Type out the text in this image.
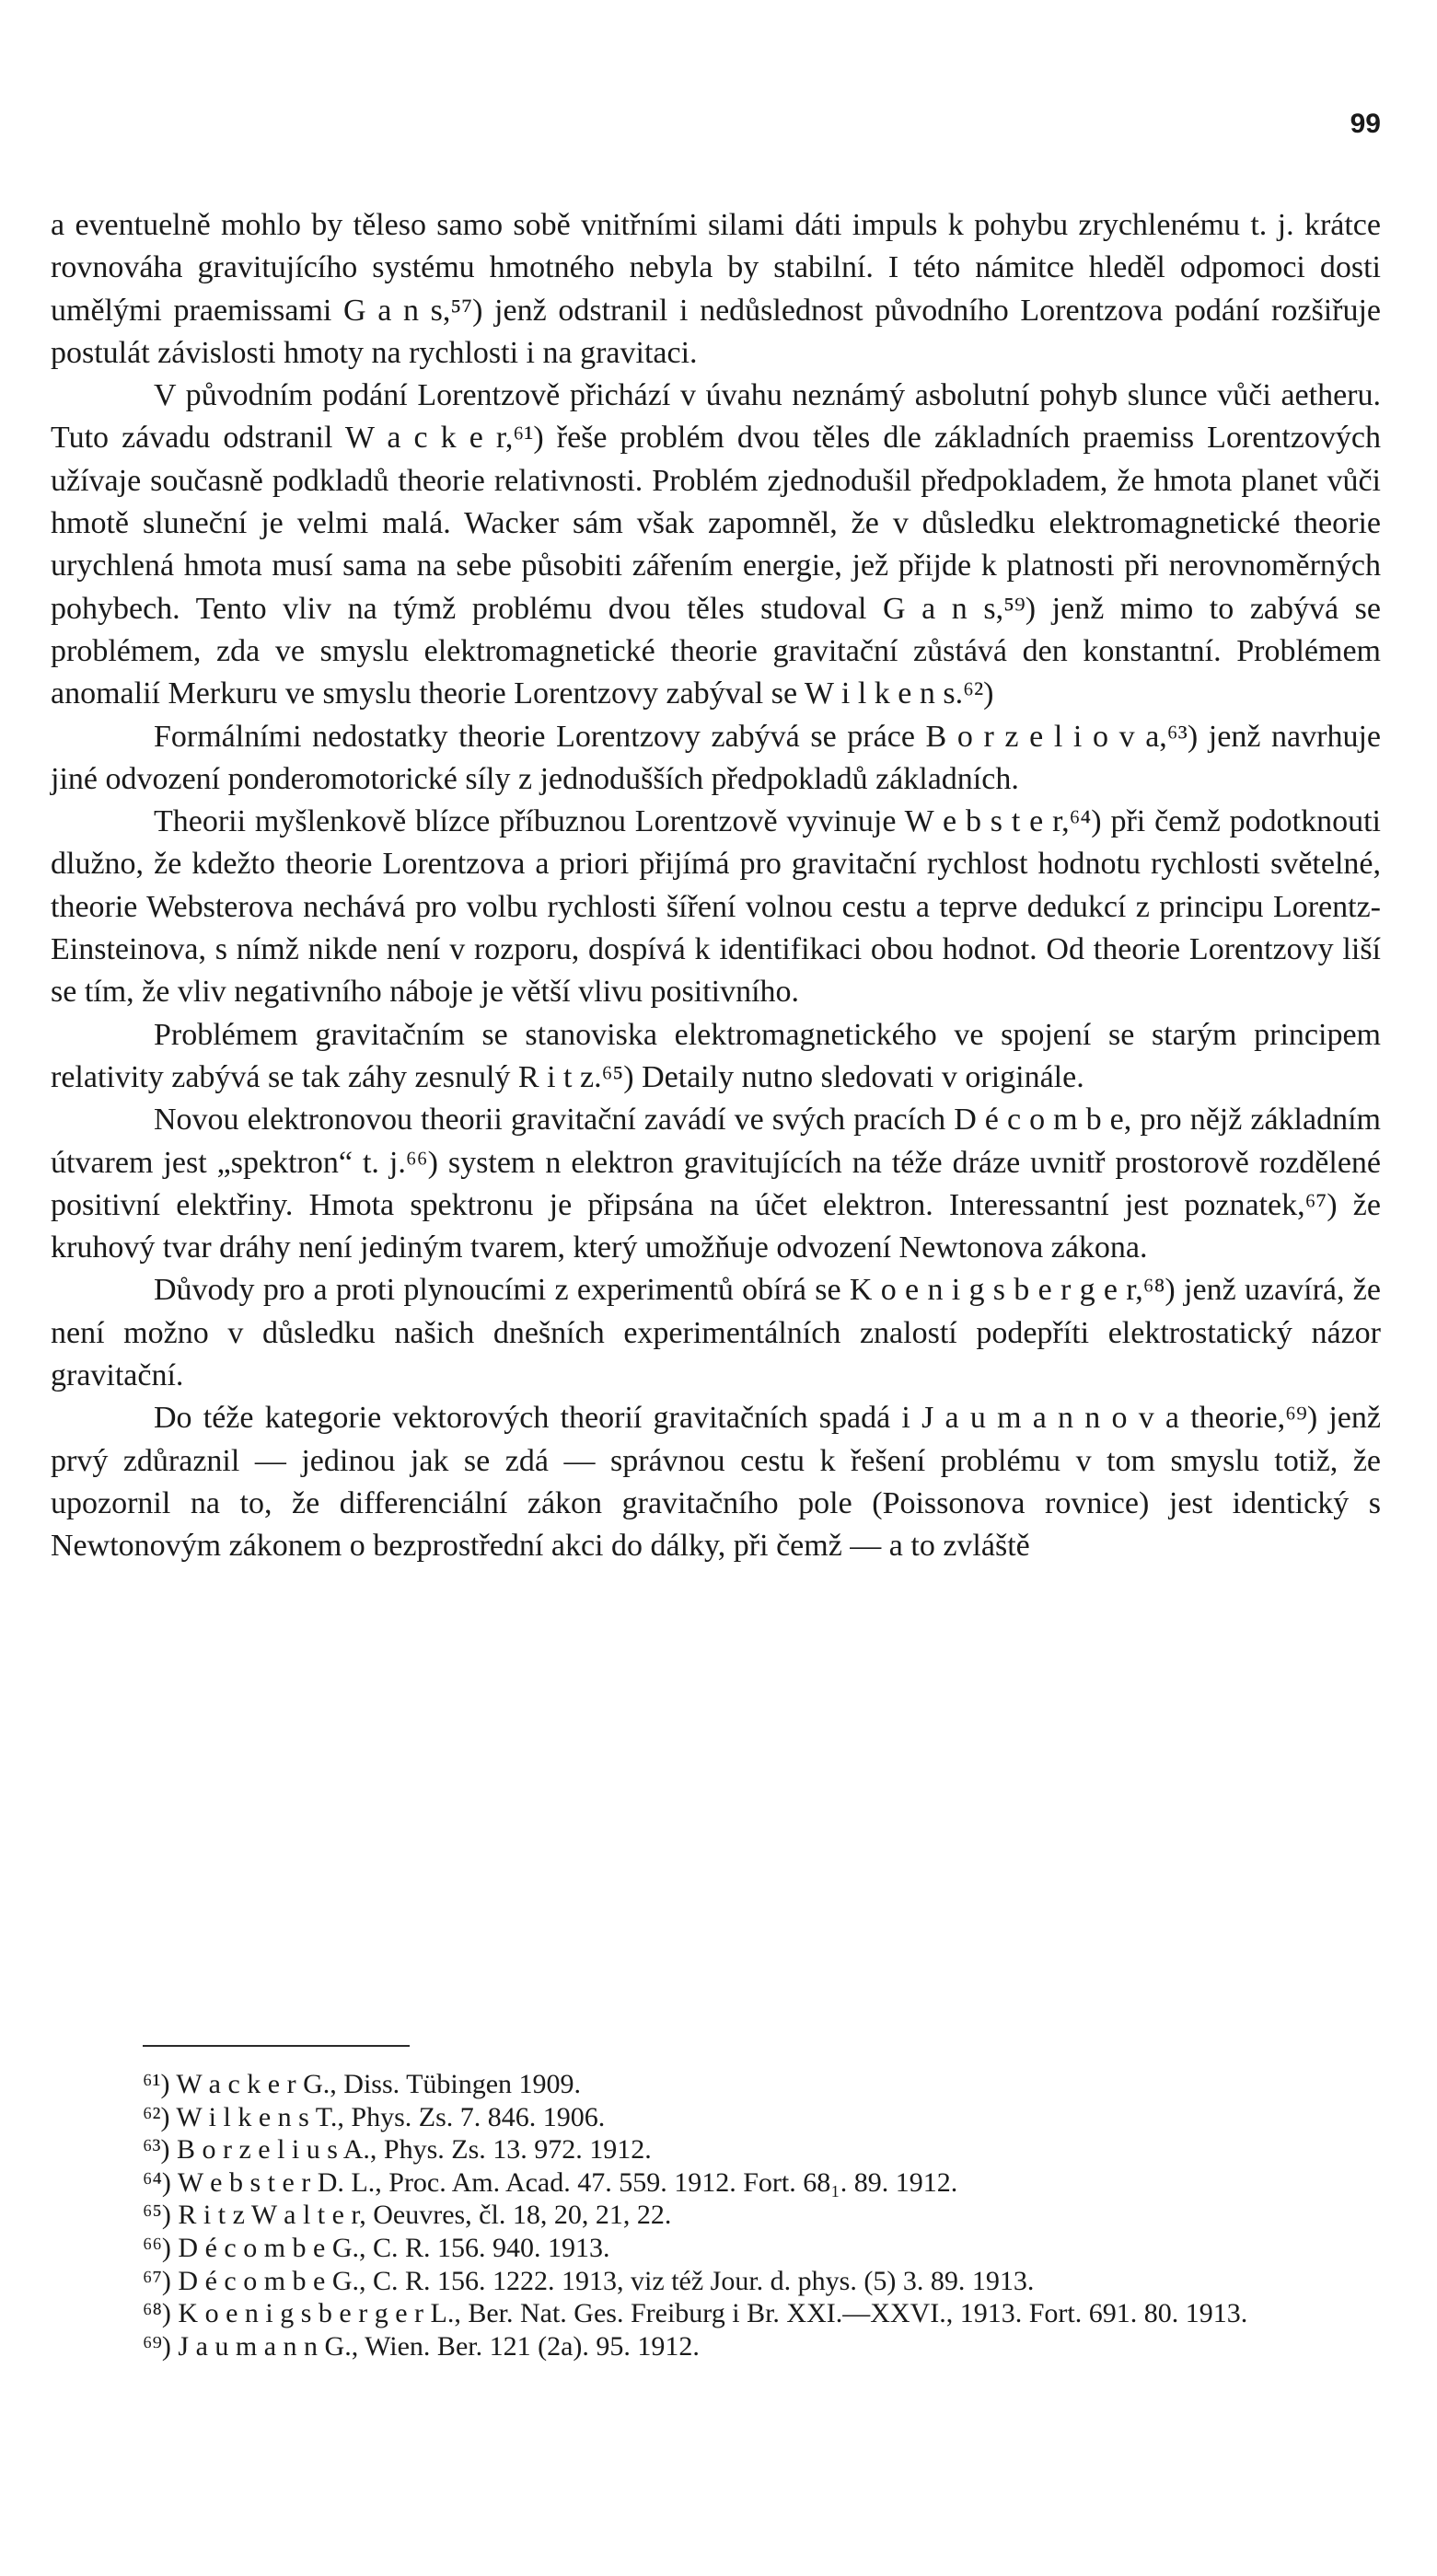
99

a eventuelně mohlo by těleso samo sobě vnitřními silami dáti impuls k pohybu zrychlenému t. j. krátce rovnováha gravitujícího systému hmotného nebyla by stabilní. I této námitce hleděl odpomoci dosti umělými praemissami G a n s,⁵⁷) jenž odstranil i nedůslednost původního Lorentzova podání rozšiřuje postulát závislosti hmoty na rychlosti i na gravitaci.

V původním podání Lorentzově přichází v úvahu neznámý asbolutní pohyb slunce vůči aetheru. Tuto závadu odstranil W a c k e r,⁶¹) řeše problém dvou těles dle základních praemiss Lorentzových užívaje současně podkladů theorie relativnosti. Problém zjednodušil předpokladem, že hmota planet vůči hmotě sluneční je velmi malá. Wacker sám však zapomněl, že v důsledku elektromagnetické theorie urychlená hmota musí sama na sebe působiti zářením energie, jež přijde k platnosti při nerovnoměrných pohybech. Tento vliv na týmž problému dvou těles studoval G a n s,⁵⁹) jenž mimo to zabývá se problémem, zda ve smyslu elektromagnetické theorie gravitační zůstává den konstantní. Problémem anomalií Merkuru ve smyslu theorie Lorentzovy zabýval se W i l k e n s.⁶²)

Formálními nedostatky theorie Lorentzovy zabývá se práce B o r z e l i o v a,⁶³) jenž navrhuje jiné odvození ponderomotorické síly z jednodušších předpokladů základních.

Theorii myšlenkově blízce příbuznou Lorentzově vyvinuje W e b s t e r,⁶⁴) při čemž podotknouti dlužno, že kdežto theorie Lorentzova a priori přijímá pro gravitační rychlost hodnotu rychlosti světelné, theorie Websterova nechává pro volbu rychlosti šíření volnou cestu a teprve dedukcí z principu Lorentz-Einsteinova, s nímž nikde není v rozporu, dospívá k identifikaci obou hodnot. Od theorie Lorentzovy liší se tím, že vliv negativního náboje je větší vlivu positivního.

Problémem gravitačním se stanoviska elektromagnetického ve spojení se starým principem relativity zabývá se tak záhy zesnulý R i t z.⁶⁵) Detaily nutno sledovati v originále.

Novou elektronovou theorii gravitační zavádí ve svých pracích D é c o m b e, pro nějž základním útvarem jest „spektron“ t. j.⁶⁶) system n elektron gravitujících na téže dráze uvnitř prostorově rozdělené positivní elektřiny. Hmota spektronu je připsána na účet elektron. Interessantní jest poznatek,⁶⁷) že kruhový tvar dráhy není jediným tvarem, který umožňuje odvození Newtonova zákona.

Důvody pro a proti plynoucími z experimentů obírá se K o e n i g s b e r g e r,⁶⁸) jenž uzavírá, že není možno v důsledku našich dnešních experimentálních znalostí podepříti elektrostatický názor gravitační.

Do téže kategorie vektorových theorií gravitačních spadá i J a u m a n n o v a theorie,⁶⁹) jenž prvý zdůraznil — jedinou jak se zdá — správnou cestu k řešení problému v tom smyslu totiž, že upozornil na to, že differenciální zákon gravitačního pole (Poissonova rovnice) jest identický s Newtonovým zákonem o bezprostřední akci do dálky, při čemž — a to zvláště

⁶¹) W a c k e r G., Diss. Tübingen 1909.

⁶²) W i l k e n s T., Phys. Zs. 7. 846. 1906.

⁶³) B o r z e l i u s A., Phys. Zs. 13. 972. 1912.

⁶⁴) W e b s t e r D. L., Proc. Am. Acad. 47. 559. 1912. Fort. 68₁. 89. 1912.

⁶⁵) R i t z W a l t e r, Oeuvres, čl. 18, 20, 21, 22.

⁶⁶) D é c o m b e G., C. R. 156. 940. 1913.

⁶⁷) D é c o m b e G., C. R. 156. 1222. 1913, viz též Jour. d. phys. (5) 3. 89. 1913.

⁶⁸) K o e n i g s b e r g e r L., Ber. Nat. Ges. Freiburg i Br. XXI.—XXVI., 1913. Fort. 691. 80. 1913.

⁶⁹) J a u m a n n G., Wien. Ber. 121 (2a). 95. 1912.
